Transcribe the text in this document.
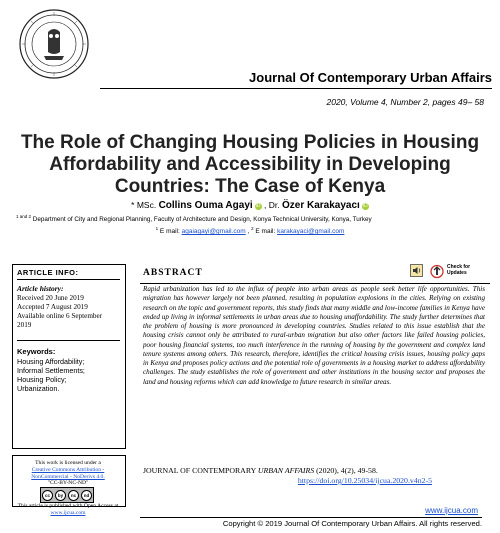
Journal Of Contemporary Urban Affairs
2020, Volume 4, Number 2, pages 49– 58
The Role of Changing Housing Policies in Housing
Affordability and Accessibility in Developing
Countries: The Case of Kenya
* MSc. Collins Ouma Agayi iD , Dr. Özer Karakayacı iD
$^{1 and 2}$ Department of City and Regional Planning, Faculty of Architecture and Design, Konya Technical University, Konya, Turkey
$^1$ E mail: agaiagayi@gmail.com , $^2$ E mail: karakayaci@gmail.com
ARTICLE INFO:
Article history:
Received 20 June 2019
Accepted 7 August 2019
Available online 6 September
2019
Keywords:
Housing Affordability;
Informal Settlements;
Housing Policy;
Urbanization.
This work is licensed under a
Creative Commons Attribution - NonCommercial - NoDerivs 4.0.
"CC-BY-NC-ND"
cc	by	nc	nd
This article is published with Open Access at www.ijcua.com
ABSTRACT
Check for Updates
Rapid urbanization has led to the influx of people into urban areas as people seek better life opportunities. This migration has however largely not been planned, resulting in population explosions in the cities. Relying on existing research on the topic and government reports, this study finds that many middle and low-income families in Kenya have ended up living in informal settlements in urban areas due to housing unaffordability. The study further determines that the problem of housing is more pronounced in developing countries. Studies related to this issue establish that the housing crisis cannot only be attributed to rural-urban migration but also other factors like failed housing policies, poor housing financial systems, too much interference in the running of housing by the government and complex land tenure systems among others. This research, therefore, identifies the critical housing crisis issues, housing policy gaps in Kenya and proposes policy actions and the potential role of governments in a housing market to address affordability challenges. The study establishes the role of government and other institutions in the housing sector and proposes the land and housing reforms which can add knowledge to future research in similar areas.
JOURNAL OF CONTEMPORARY URBAN AFFAIRS (2020), 4(2), 49-58.
https://doi.org/10.25034/ijcua.2020.v4n2-5
www.ijcua.com
Copyright © 2019 Journal Of Contemporary Urban Affairs. All rights reserved.
